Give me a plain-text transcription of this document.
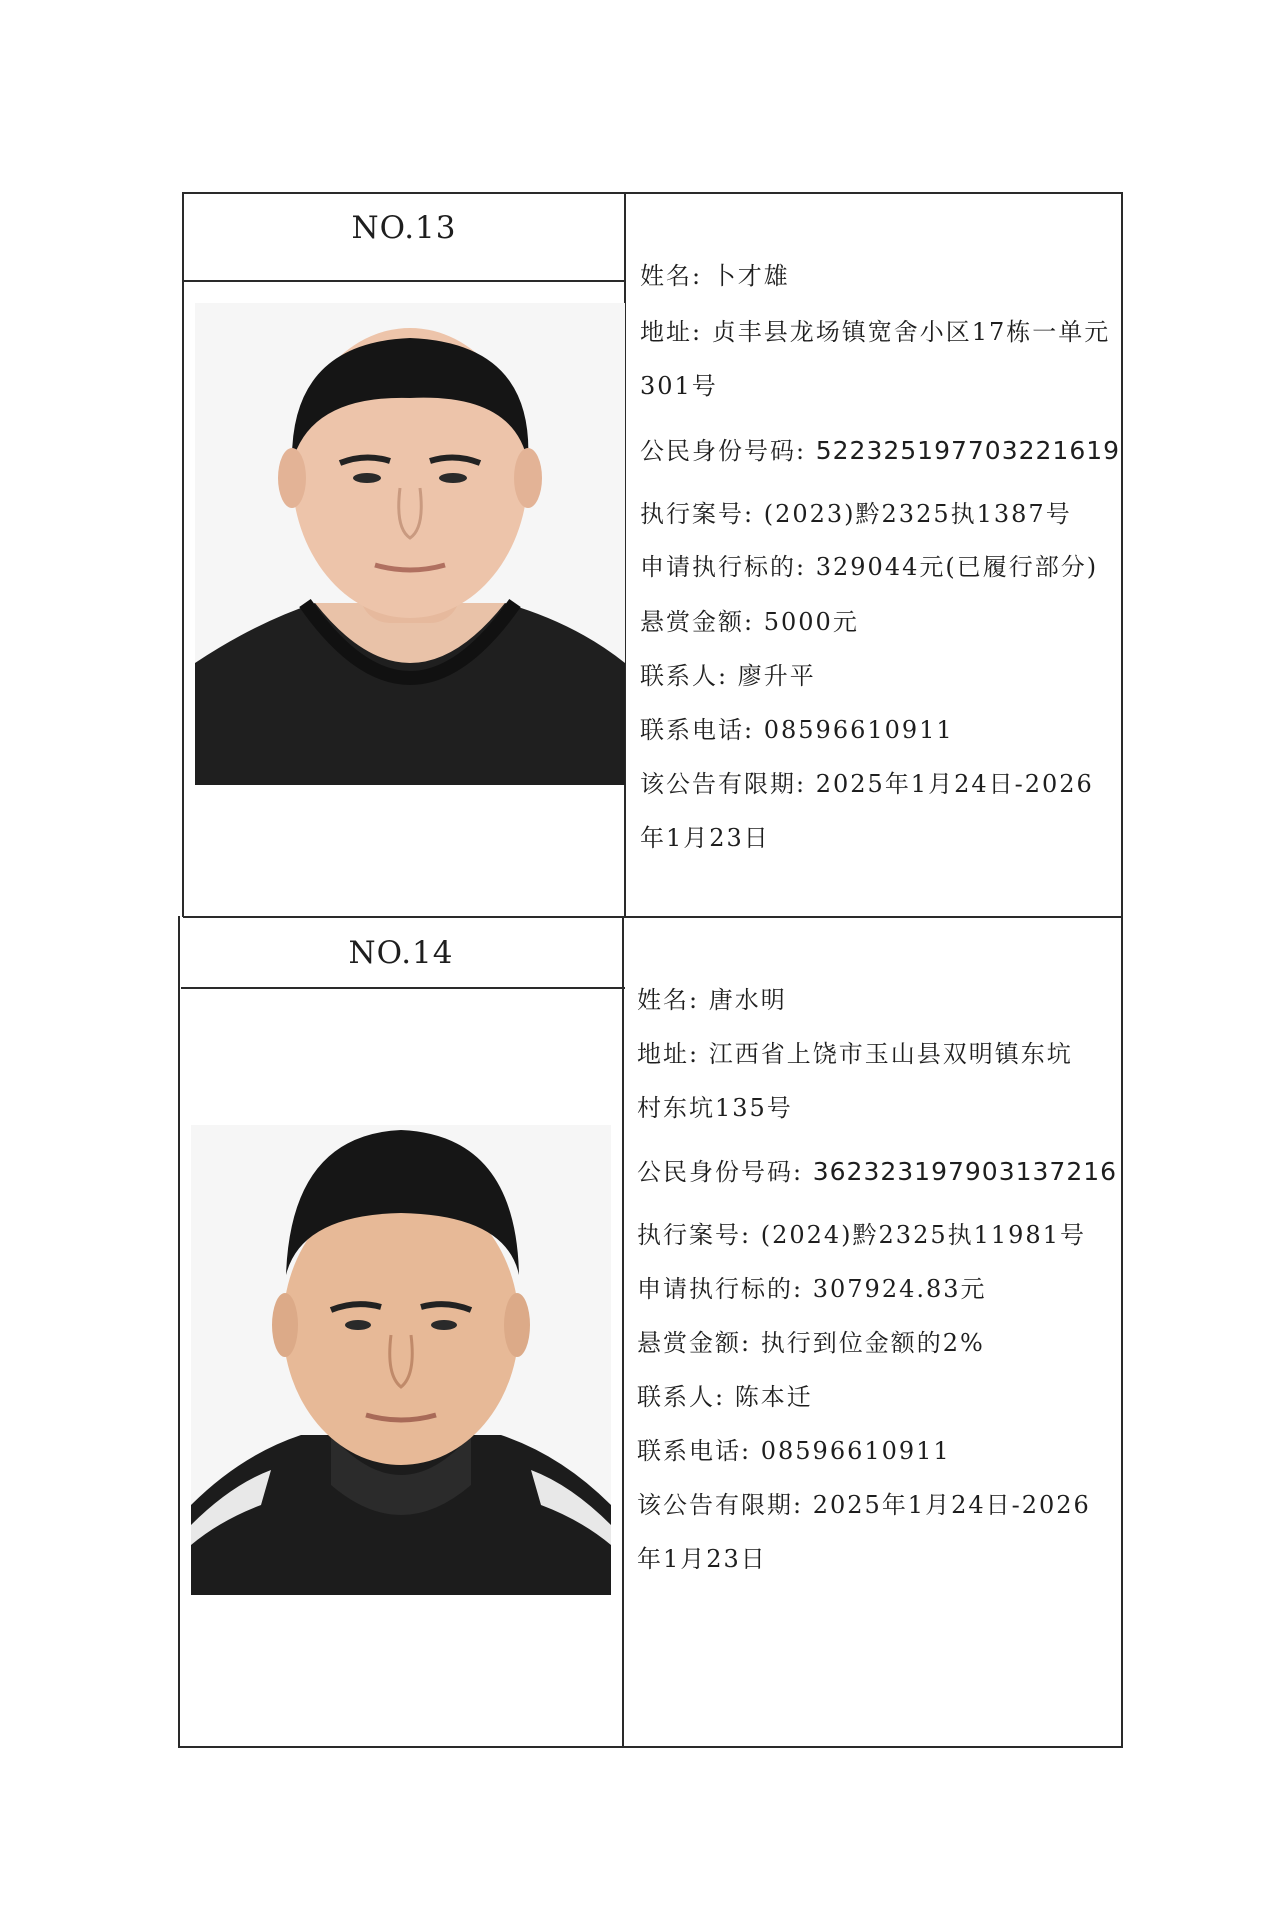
NO.13
姓名: 卜才雄
地址: 贞丰县龙场镇宽舍小区17栋一单元
301号
公民身份号码: 522325197703221619
执行案号: (2023)黔2325执1387号
申请执行标的: 329044元(已履行部分)
悬赏金额: 5000元
联系人: 廖升平
联系电话: 08596610911
该公告有限期: 2025年1月24日-2026
年1月23日
NO.14
姓名: 唐水明
地址: 江西省上饶市玉山县双明镇东坑
村东坑135号
公民身份号码: 362323197903137216
执行案号: (2024)黔2325执11981号
申请执行标的: 307924.83元
悬赏金额: 执行到位金额的2%
联系人: 陈本迁
联系电话: 08596610911
该公告有限期: 2025年1月24日-2026
年1月23日
